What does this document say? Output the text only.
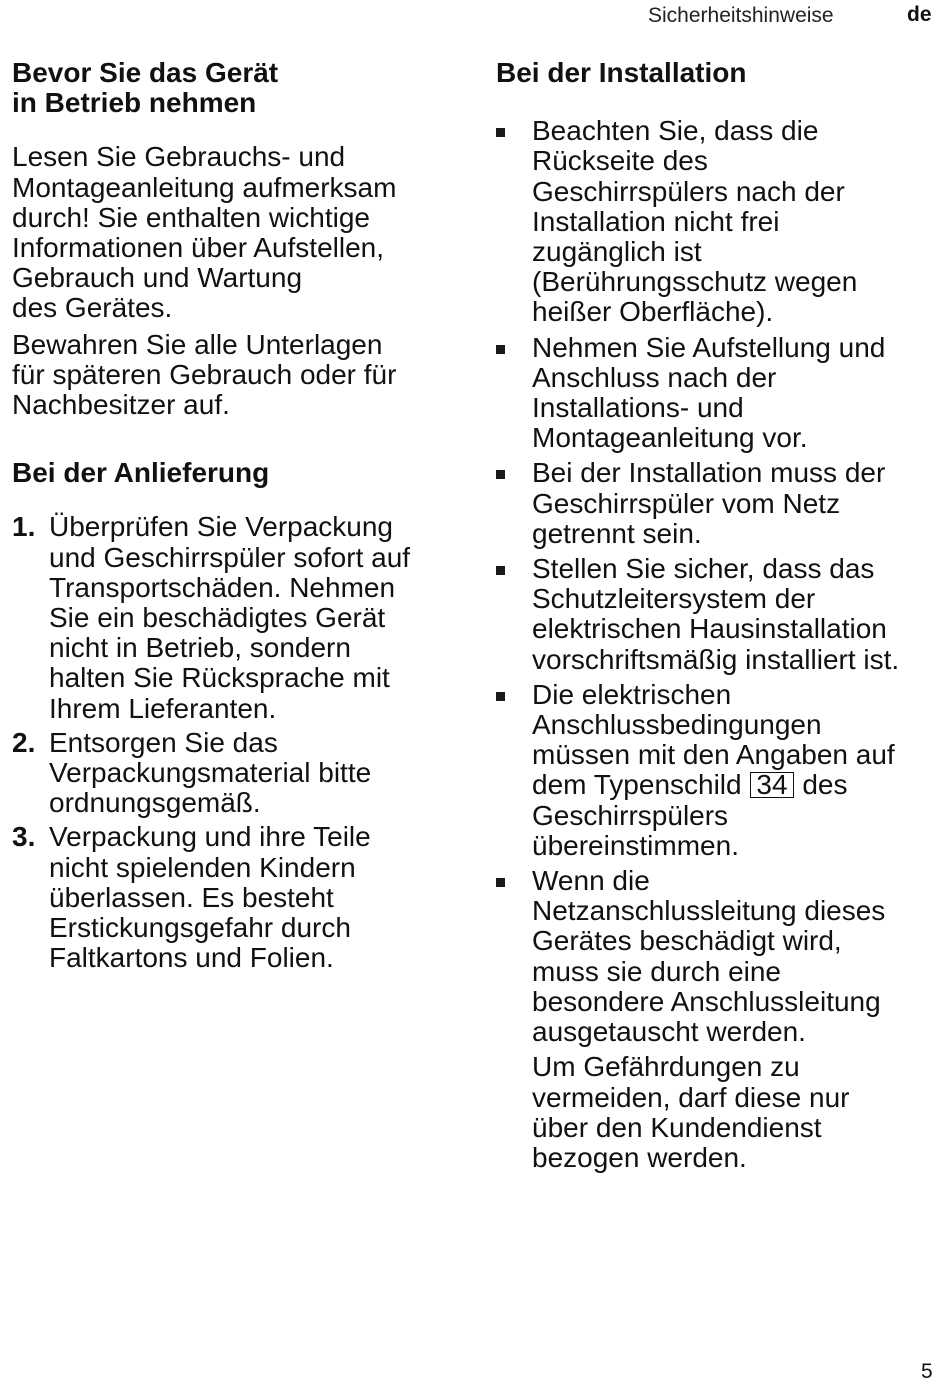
Sicherheitshinweise	de
Bevor Sie das Gerät
in Betrieb nehmen

Lesen Sie Gebrauchs- und
Montageanleitung aufmerksam
durch! Sie enthalten wichtige
Informationen über Aufstellen,
Gebrauch und Wartung
des Gerätes.

Bewahren Sie alle Unterlagen
für späteren Gebrauch oder für
Nachbesitzer auf.

Bei der Anlieferung
1. Überprüfen Sie Verpackung
und Geschirrspüler sofort auf
Transportschäden. Nehmen
Sie ein beschädigtes Gerät
nicht in Betrieb, sondern
halten Sie Rücksprache mit
Ihrem Lieferanten.
2. Entsorgen Sie das
Verpackungsmaterial bitte
ordnungsgemäß.
3. Verpackung und ihre Teile
nicht spielenden Kindern
überlassen. Es besteht
Erstickungsgefahr durch
Faltkartons und Folien.
Bei der Installation
Beachten Sie, dass die
Rückseite des
Geschirrspülers nach der
Installation nicht frei
zugänglich ist
(Berührungsschutz wegen
heißer Oberfläche).
Nehmen Sie Aufstellung und
Anschluss nach der
Installations- und
Montageanleitung vor.
Bei der Installation muss der
Geschirrspüler vom Netz
getrennt sein.
Stellen Sie sicher, dass das
Schutzleitersystem der
elektrischen Hausinstallation
vorschriftsmäßig installiert ist.
Die elektrischen
Anschlussbedingungen
müssen mit den Angaben auf
dem Typenschild 34 des
Geschirrspülers
übereinstimmen.
Wenn die
Netzanschlussleitung dieses
Gerätes beschädigt wird,
muss sie durch eine
besondere Anschlussleitung
ausgetauscht werden.

Um Gefährdungen zu
vermeiden, darf diese nur
über den Kundendienst
bezogen werden.

5
